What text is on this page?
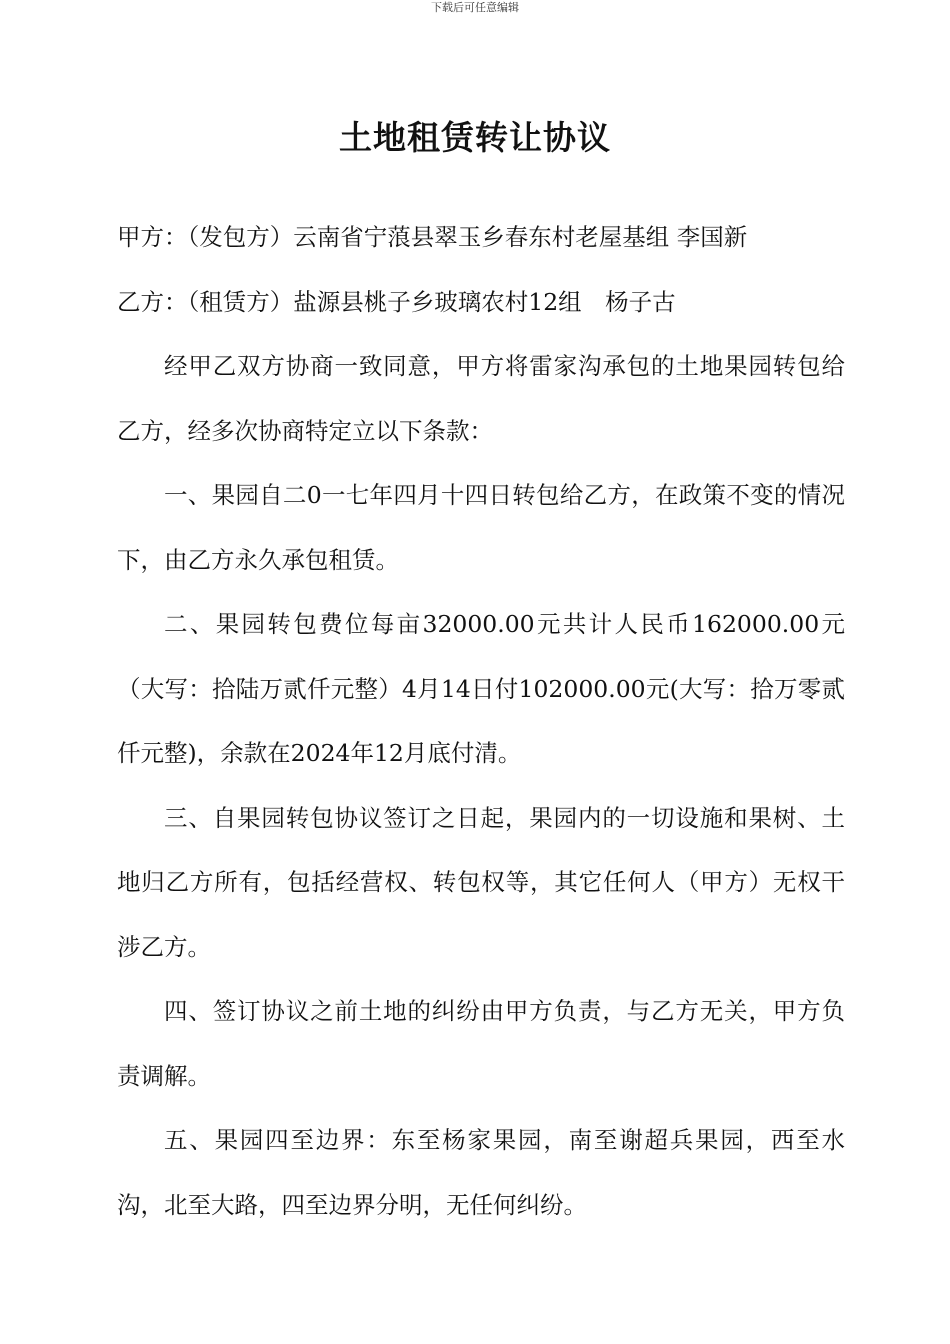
下载后可任意编辑
土地租赁转让协议

甲方：（发包方）云南省宁蒗县翠玉乡春东村老屋基组 李国新

乙方：（租赁方）盐源县桃子乡玻璃农村12组　杨子古

经甲乙双方协商一致同意，甲方将雷家沟承包的土地果园转包给乙方，经多次协商特定立以下条款：

一、果园自二0一七年四月十四日转包给乙方，在政策不变的情况下，由乙方永久承包租赁。

二、果园转包费位每亩32000.00元共计人民币162000.00元（大写：拾陆万贰仟元整）4月14日付102000.00元(大写：拾万零贰仟元整)，余款在2024年12月底付清。

三、自果园转包协议签订之日起，果园内的一切设施和果树、土地归乙方所有，包括经营权、转包权等，其它任何人（甲方）无权干涉乙方。

四、签订协议之前土地的纠纷由甲方负责，与乙方无关，甲方负责调解。

五、果园四至边界：东至杨家果园，南至谢超兵果园，西至水沟，北至大路，四至边界分明，无任何纠纷。
